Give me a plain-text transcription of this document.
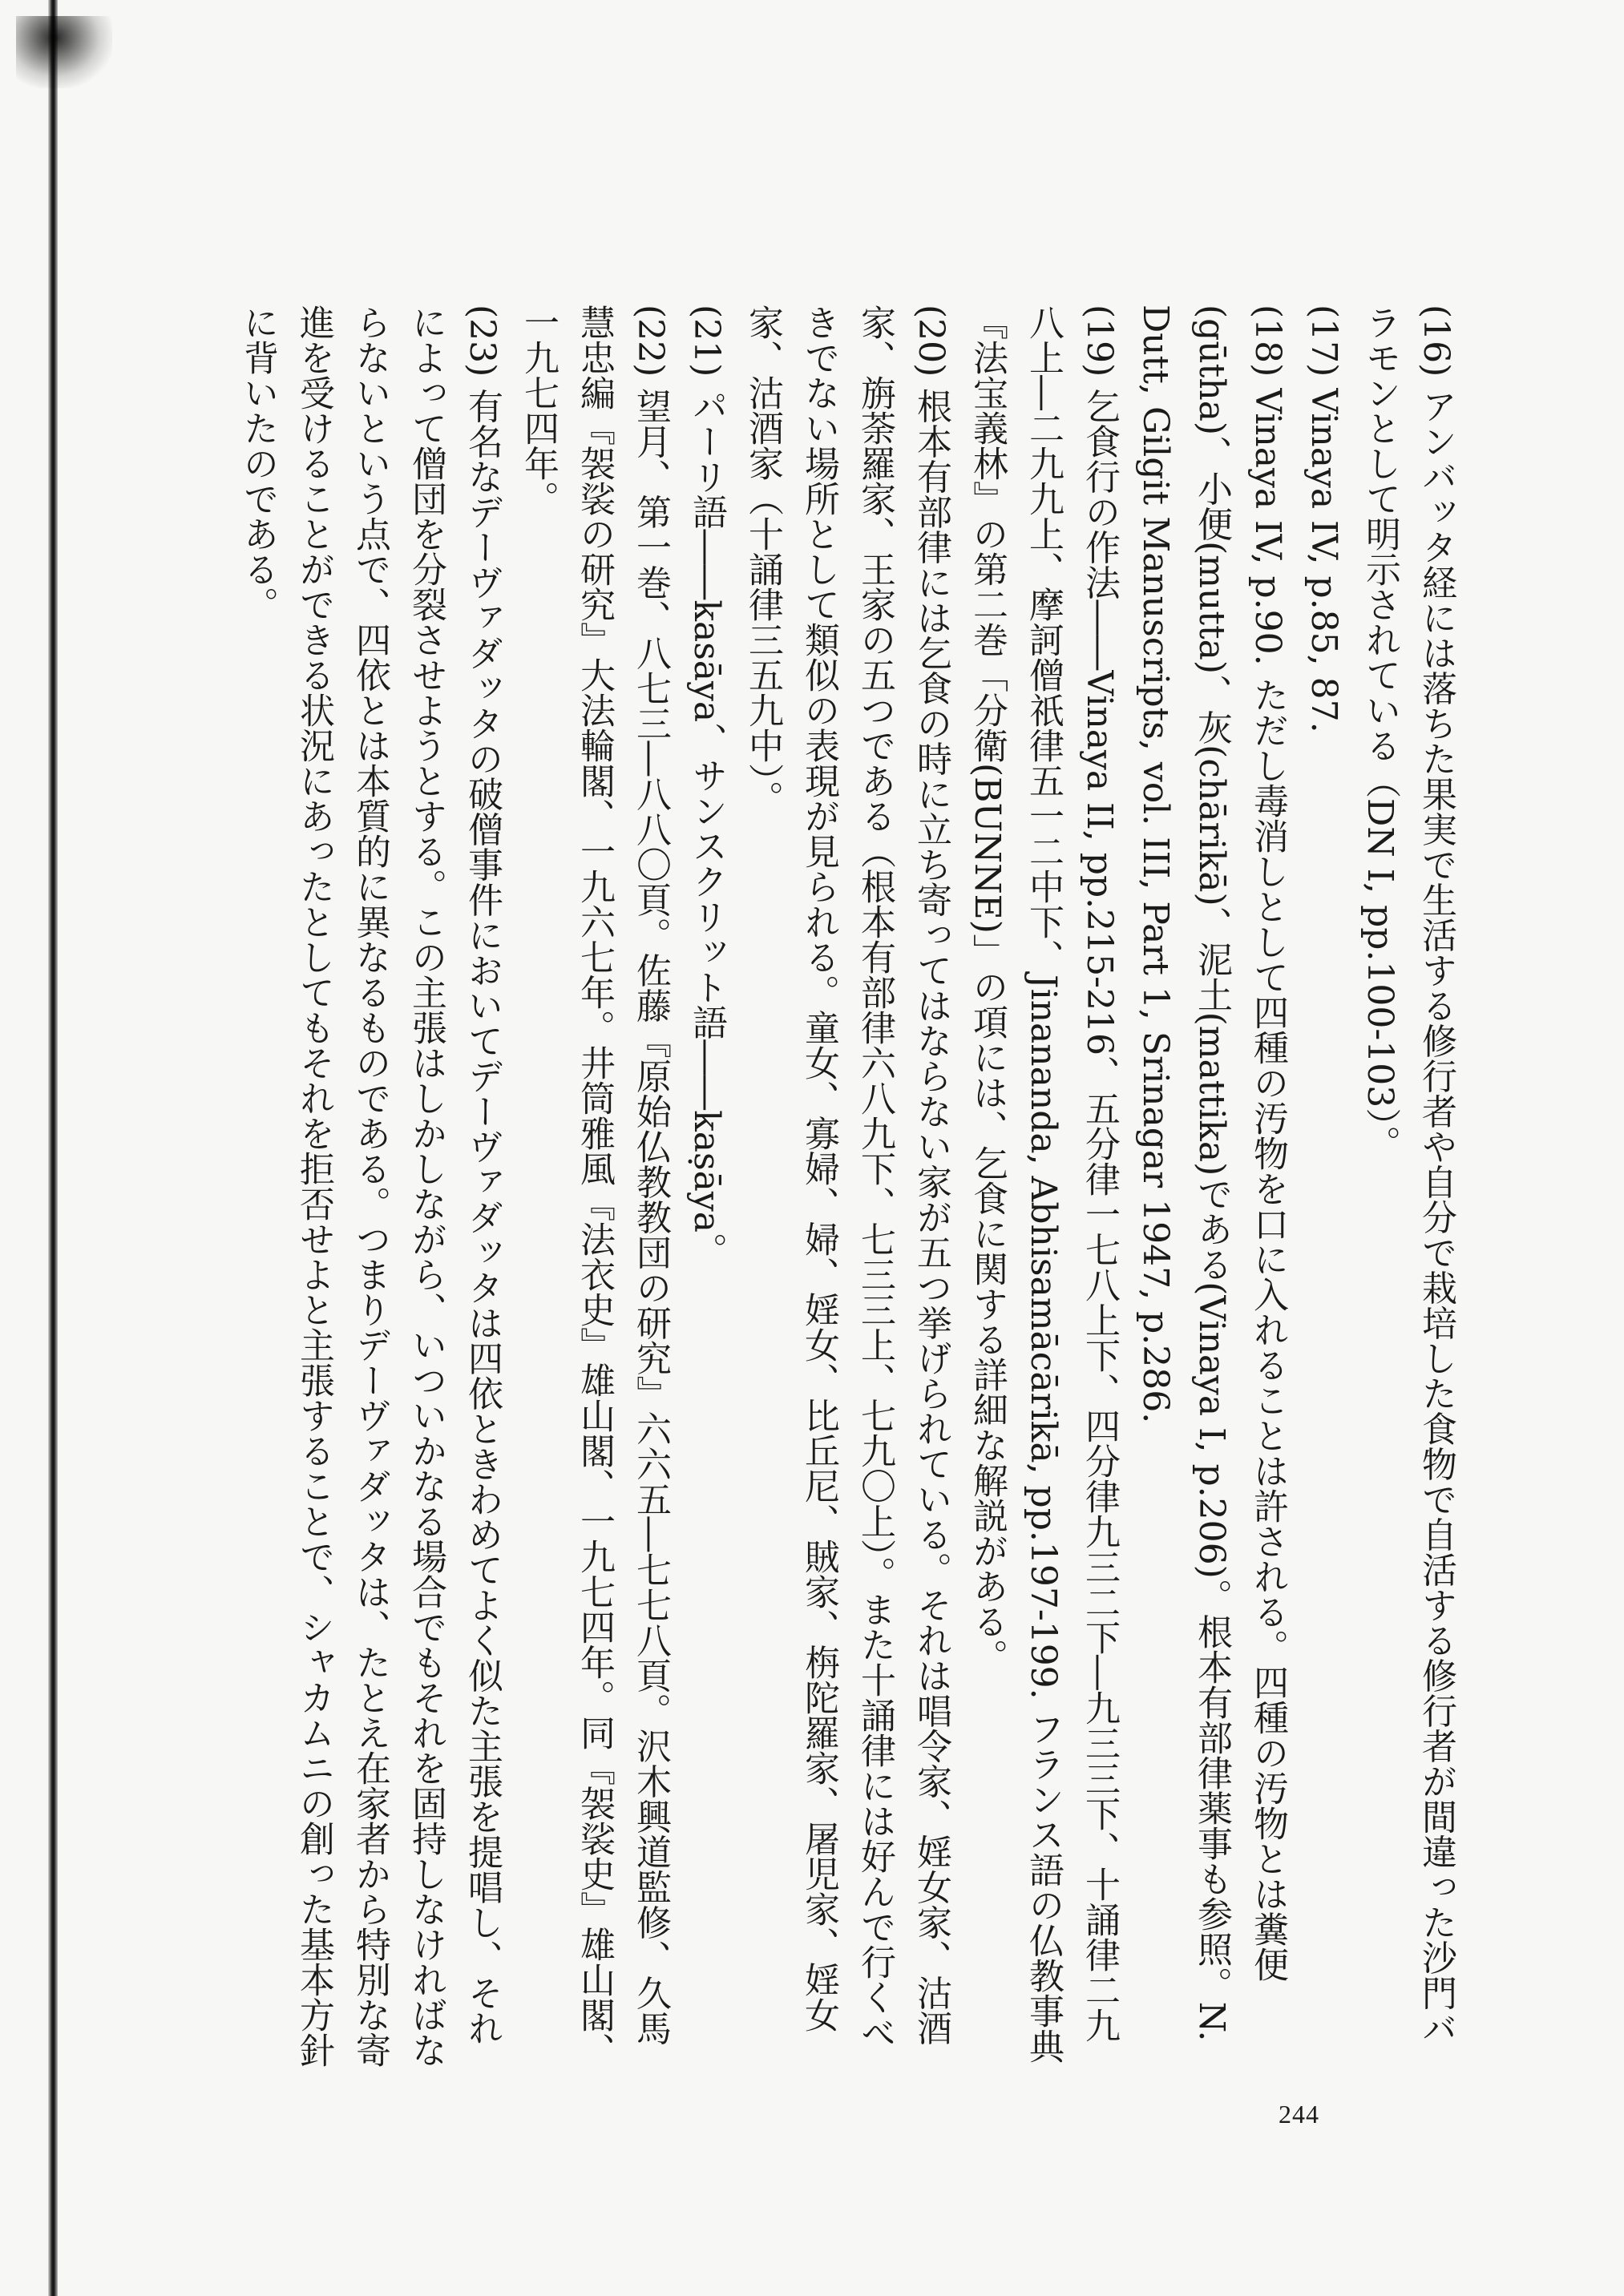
(16) アンバッタ経には落ちた果実で生活する修行者や自分で栽培した食物で自活する修行者が間違った沙門バラモンとして明示されている（DN I, pp.100-103）。

(17) Vinaya IV, p.85, 87.

(18) Vinaya IV, p.90. ただし毒消しとして四種の汚物を口に入れることは許される。四種の汚物とは糞便(gūtha)、小便(mutta)、灰(chārikā)、泥土(mattika)である(Vinaya I, p.206)。根本有部律薬事も参照。N. Dutt, Gilgit Manuscripts, vol. III, Part 1, Srinagar 1947, p.286.

(19) 乞食行の作法――Vinaya II, pp.215-216、五分律一七八上下、四分律九三二下―九三三下、十誦律二九八上―二九九上、摩訶僧祇律五一二中下、Jinananda, Abhisamācārikā, pp.197-199. フランス語の仏教事典『法宝義林』の第二巻「分衛(BUNNE)」の項には、乞食に関する詳細な解説がある。

(20) 根本有部律には乞食の時に立ち寄ってはならない家が五つ挙げられている。それは唱令家、婬女家、沽酒家、旃荼羅家、王家の五つである（根本有部律六八九下、七三三上、七九〇上）。また十誦律には好んで行くべきでない場所として類似の表現が見られる。童女、寡婦、婦、婬女、比丘尼、賊家、栴陀羅家、屠児家、婬女家、沽酒家（十誦律三五九中）。

(21) パーリ語――kasāya、サンスクリット語――kaṣāya。

(22) 望月、第一巻、八七三―八八〇頁。佐藤『原始仏教教団の研究』六六五―七七八頁。沢木興道監修、久馬慧忠編『袈裟の研究』大法輪閣、一九六七年。井筒雅風『法衣史』雄山閣、一九七四年。同『袈裟史』雄山閣、一九七四年。

(23) 有名なデーヴァダッタの破僧事件においてデーヴァダッタは四依ときわめてよく似た主張を提唱し、それによって僧団を分裂させようとする。この主張はしかしながら、いついかなる場合でもそれを固持しなければならないという点で、四依とは本質的に異なるものである。つまりデーヴァダッタは、たとえ在家者から特別な寄進を受けることができる状況にあったとしてもそれを拒否せよと主張することで、シャカムニの創った基本方針に背いたのである。

244
